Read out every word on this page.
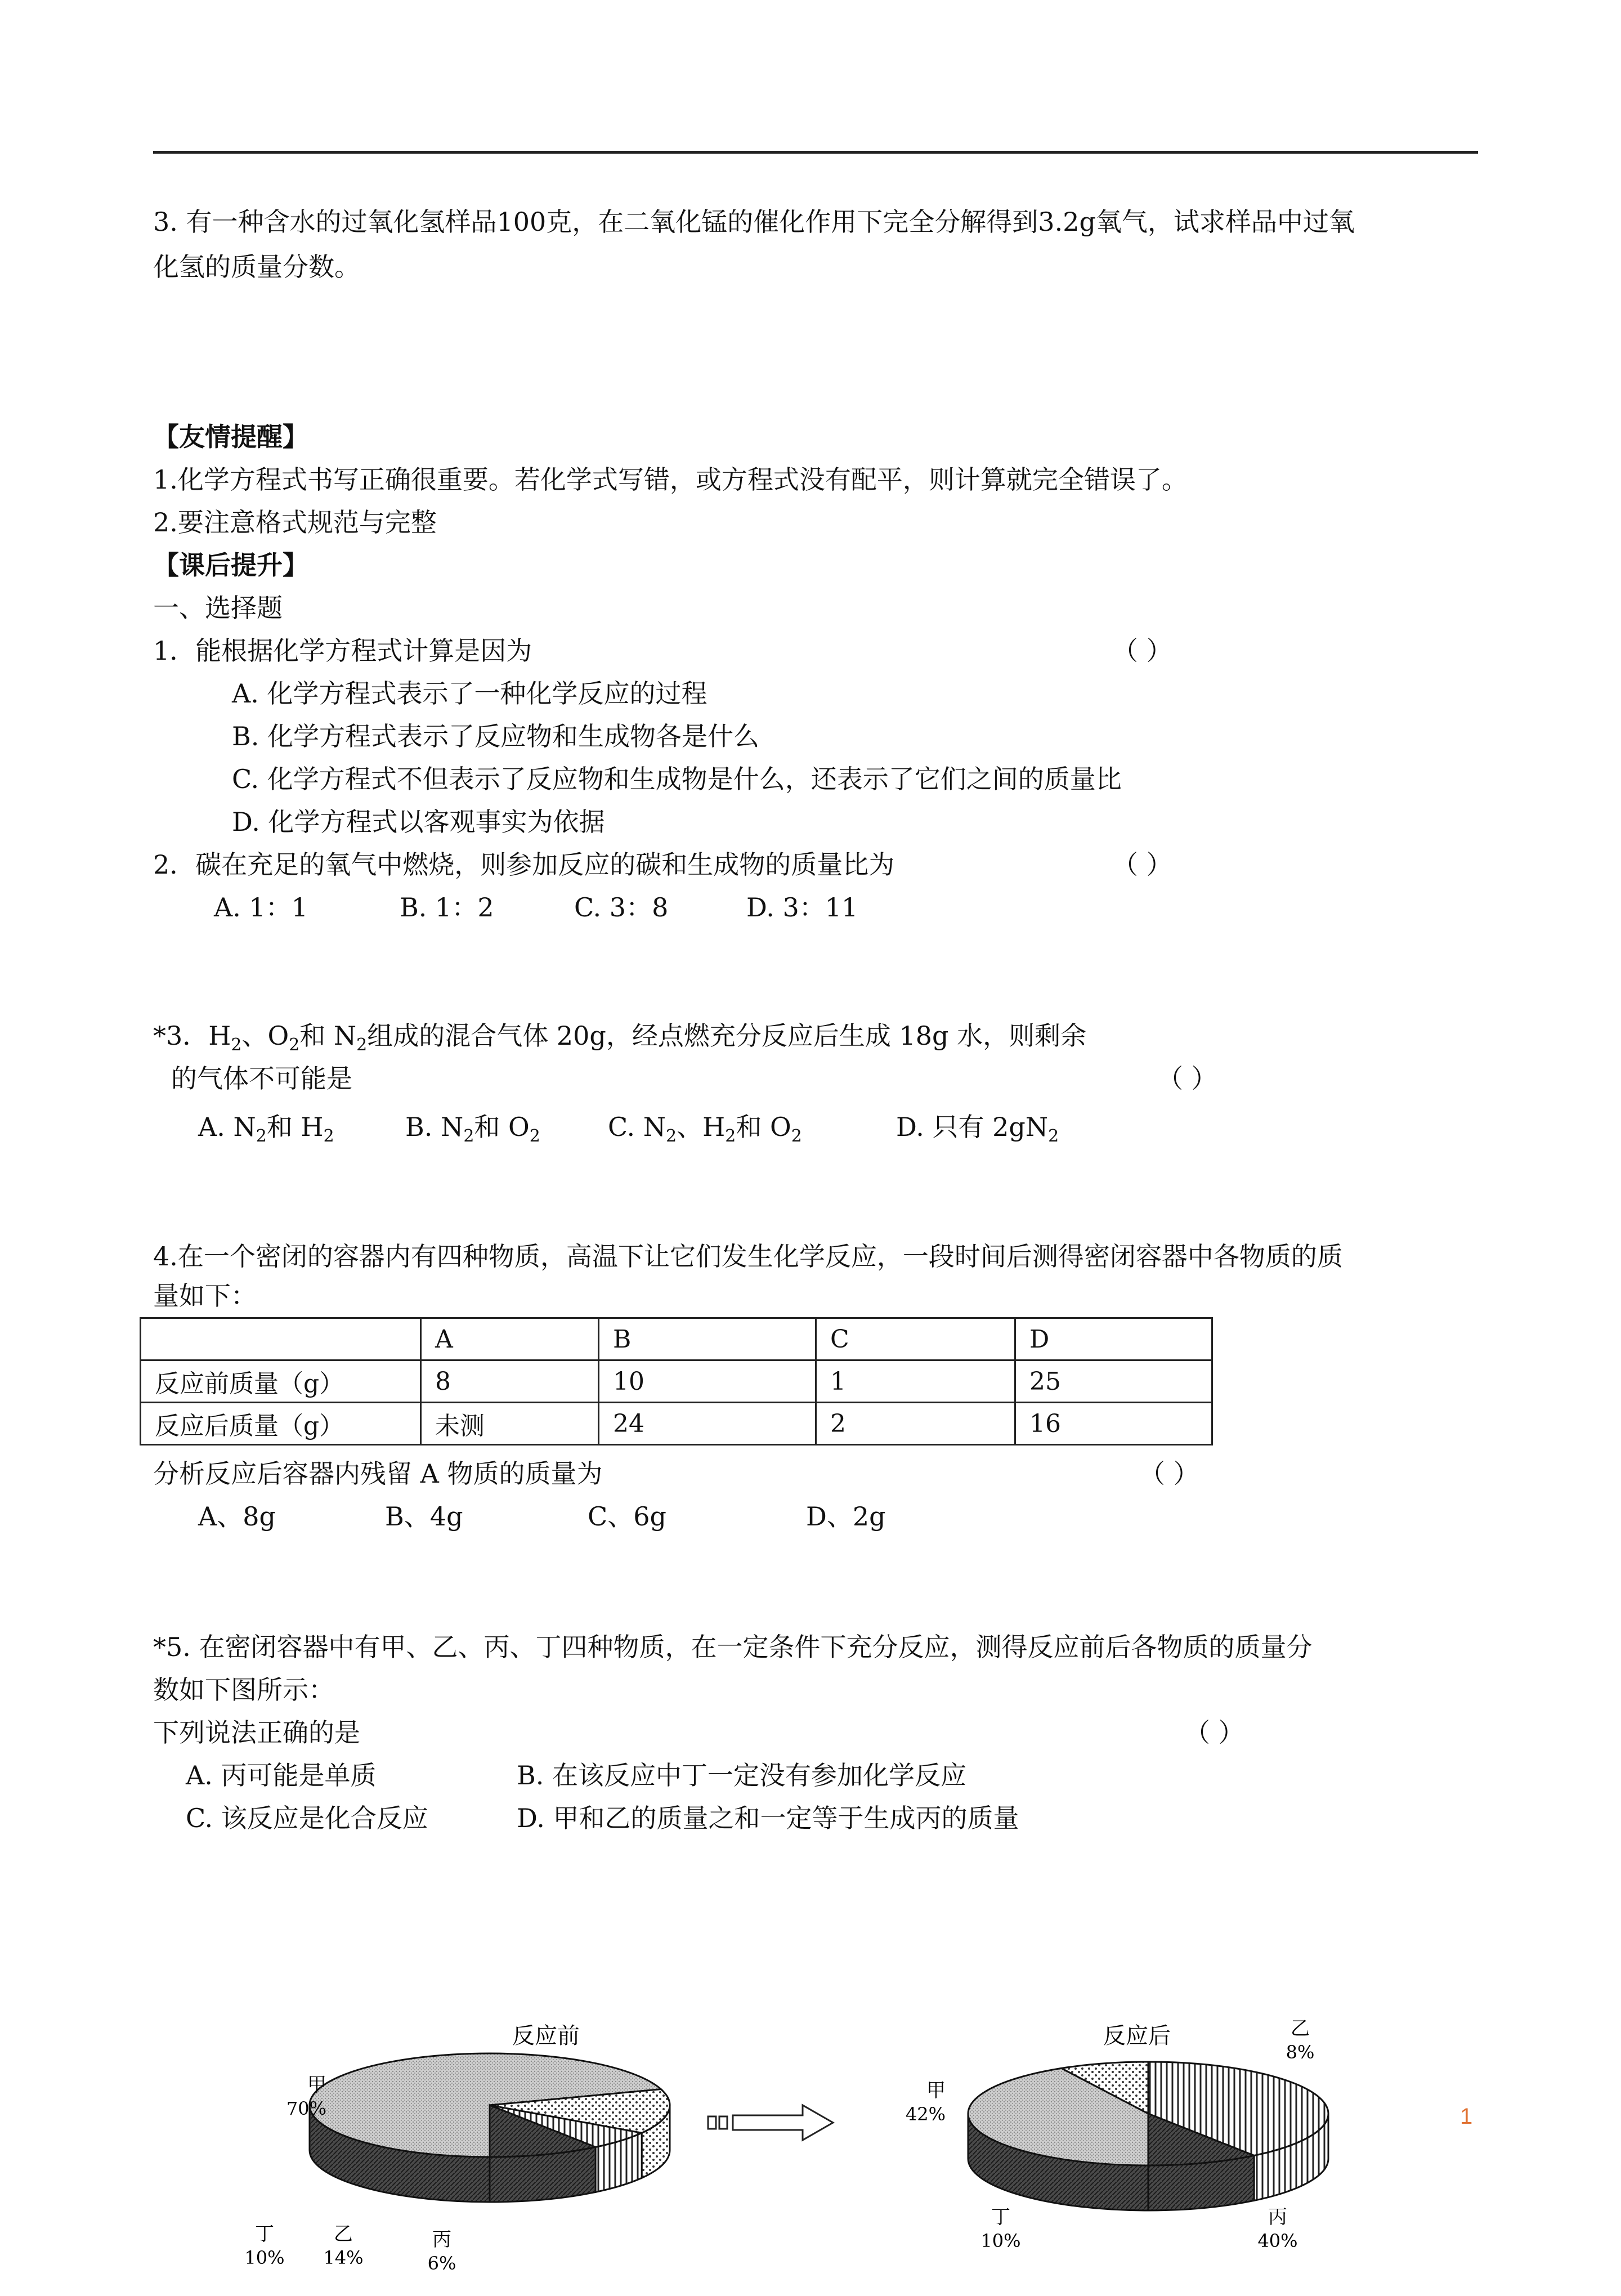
3. 有一种含水的过氧化氢样品100克，在二氧化锰的催化作用下完全分解得到3.2g氧气，试求样品中过氧
化氢的质量分数。
【友情提醒】
1.化学方程式书写正确很重要。若化学式写错，或方程式没有配平，则计算就完全错误了。
2.要注意格式规范与完整
【课后提升】
一、选择题
1．能根据化学方程式计算是因为	（ ）
A. 化学方程式表示了一种化学反应的过程
B. 化学方程式表示了反应物和生成物各是什么
C. 化学方程式不但表示了反应物和生成物是什么，还表示了它们之间的质量比
D. 化学方程式以客观事实为依据
2．碳在充足的氧气中燃烧，则参加反应的碳和生成物的质量比为	（ ）
A. 1：1	B. 1：2	C. 3：8	D. 3：11
*3．$H_2$、$O_2$和 $N_2$组成的混合气体 20g，经点燃充分反应后生成 18g 水，则剩余
的气体不可能是	（ ）
A. $N_2$和 $H_2$	B. $N_2$和 $O_2$	C. $N_2$、$H_2$和 $O_2$	D. 只有 $2gN_2$
4.在一个密闭的容器内有四种物质，高温下让它们发生化学反应，一段时间后测得密闭容器中各物质的质
量如下：
	A	B	C	D
反应前质量（g）	8	10	1	25
反应后质量（g）	未测	24	2	16
分析反应后容器内残留 A 物质的质量为	（ ）
A、8g	B、4g	C、6g	D、2g
*5. 在密闭容器中有甲、乙、丙、丁四种物质，在一定条件下充分反应，测得反应前后各物质的质量分
数如下图所示：
下列说法正确的是	（ ）
A. 丙可能是单质	B. 在该反应中丁一定没有参加化学反应
C. 该反应是化合反应	D. 甲和乙的质量之和一定等于生成丙的质量
反应前
甲
70%
乙
14%
丙
6%
丁
10%
反应后
甲
42%
乙
8%
丙
40%
丁
10%
1
